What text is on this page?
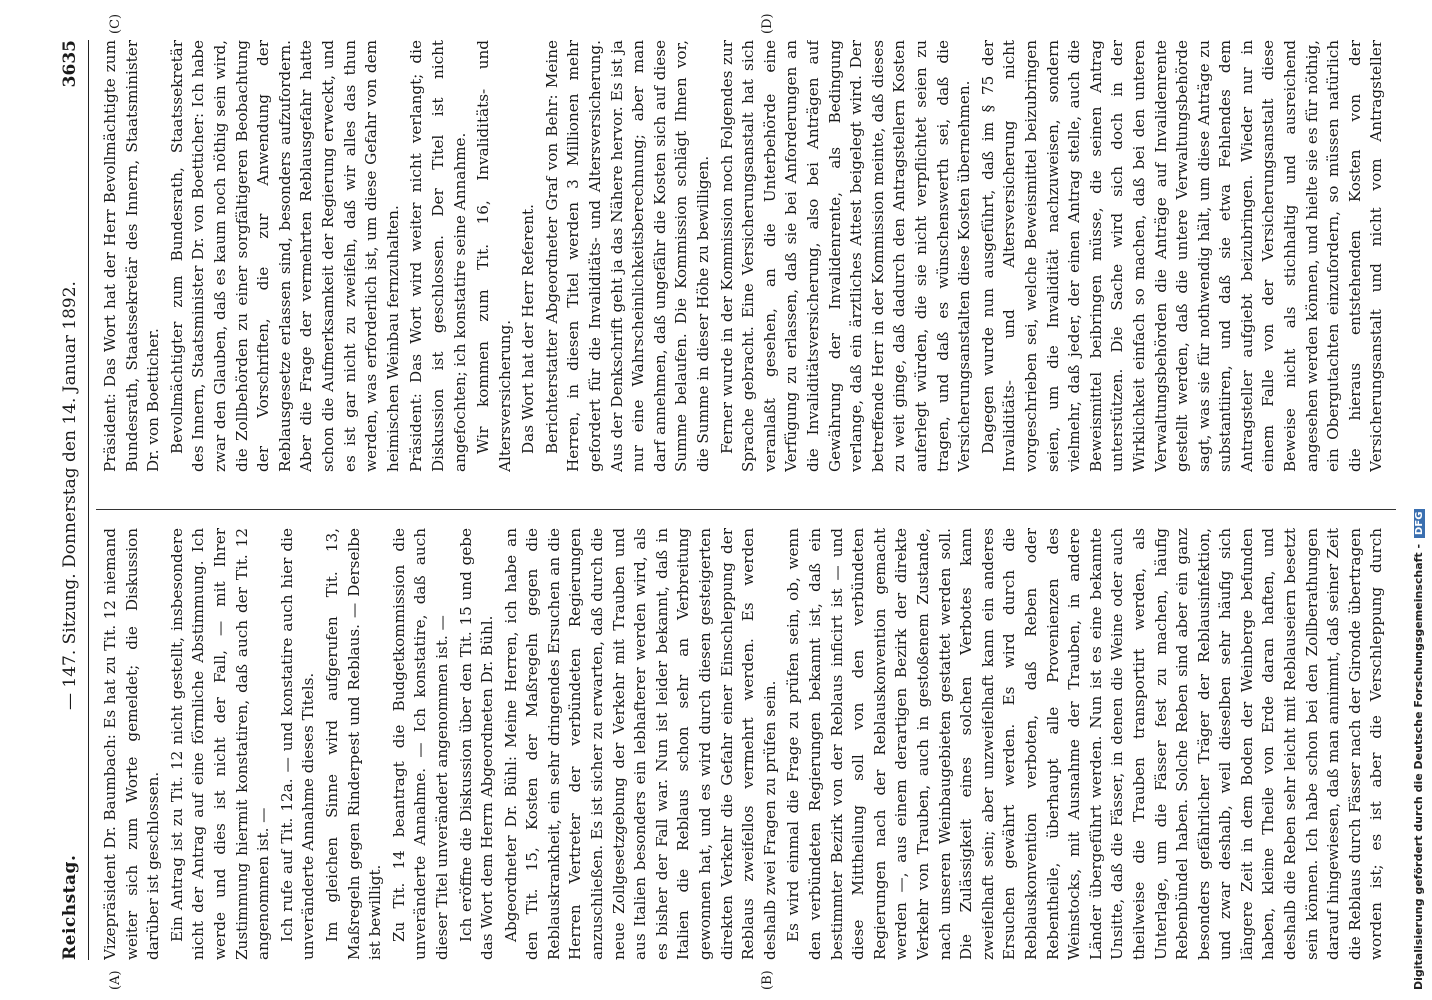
Reichstag.
— 147. Sitzung. Donnerstag den 14. Januar 1892.
3635

Vizepräsident Dr. Baumbach: Es hat zu Tit. 12 niemand weiter sich zum Worte gemeldet; die Diskussion darüber ist geschlossen. Ein Antrag ist zu Tit. 12 nicht gestellt, insbesondere nicht der Antrag auf eine förmliche Abstimmung. Ich werde und dies ist nicht der Fall, — mit Ihrer Zustimmung hiermit konstatiren, daß auch der Tit. 12 angenommen ist. — Ich rufe auf Tit. 12a. — und konstatire auch hier die unveränderte Annahme dieses Titels. Im gleichen Sinne wird aufgerufen Tit. 13, Maßregeln gegen Rinderpest und Reblaus. — Derselbe ist bewilligt. Zu Tit. 14 beantragt die Budgetkommission die unveränderte Annahme. — Ich konstatire, daß auch dieser Titel unverändert angenommen ist. — Ich eröffne die Diskussion über den Tit. 15 und gebe das Wort dem Herrn Abgeordneten Dr. Bühl. Abgeordneter Dr. Bühl: Meine Herren, ich habe an den Tit. 15, Kosten der Maßregeln gegen die Reblauskrankheit, ein sehr dringendes Ersuchen an die Herren Vertreter der verbündeten Regierungen anzuschließen. Es ist sicher zu erwarten, daß durch die neue Zollgesetzgebung der Verkehr mit Trauben und aus Italien besonders ein lebhafterer werden wird, als es bisher der Fall war. Nun ist leider bekannt, daß in Italien die Reblaus schon sehr an Verbreitung gewonnen hat, und es wird durch diesen gesteigerten direkten Verkehr die Gefahr einer Einschleppung der Reblaus zweifellos vermehrt werden. Es werden deshalb zwei Fragen zu prüfen sein. Es wird einmal die Frage zu prüfen sein, ob, wenn den verbündeten Regierungen bekannt ist, daß ein bestimmter Bezirk von der Reblaus inficirt ist — und diese Mittheilung soll von den verbündeten Regierungen nach der Reblauskonvention gemacht werden —, aus einem derartigen Bezirk der direkte Verkehr von Trauben, auch in gestoßenem Zustande, nach unseren Weinbaugebieten gestattet werden soll. Die Zulässigkeit eines solchen Verbotes kann zweifelhaft sein; aber unzweifelhaft kann ein anderes Ersuchen gewährt werden. Es wird durch die Reblauskonvention verboten, daß Reben oder Rebentheile, überhaupt alle Provenienzen des Weinstocks, mit Ausnahme der Trauben, in andere Länder übergeführt werden. Nun ist es eine bekannte Unsitte, daß die Fässer, in denen die Weine oder auch theilweise die Trauben transportirt werden, als Unterlage, um die Fässer fest zu machen, häufig Rebenbündel haben. Solche Reben sind aber ein ganz besonders gefährlicher Träger der Reblausinfektion, und zwar deshalb, weil dieselben sehr häufig sich längere Zeit in dem Boden der Weinberge befunden haben, kleine Theile von Erde daran haften, und deshalb die Reben sehr leicht mit Reblauseiern besetzt sein können. Ich habe schon bei den Zollberathungen darauf hingewiesen, daß man annimmt, daß seiner Zeit die Reblaus durch Fässer nach der Gironde übertragen worden ist; es ist aber die Verschleppung durch

Präsident: Das Wort hat der Herr Bevollmächtigte zum Bundesrath, Staatssekretär des Innern, Staatsminister Dr. von Boetticher. Bevollmächtigter zum Bundesrath, Staatssekretär des Innern, Staatsminister Dr. von Boetticher: Ich habe zwar den Glauben, daß es kaum noch nöthig sein wird, die Zollbehörden zu einer sorgfältigeren Beobachtung der Vorschriften, die zur Anwendung der Reblausgesetze erlassen sind, besonders aufzufordern. Aber die Frage der vermehrten Reblausgefahr hatte schon die Aufmerksamkeit der Regierung erweckt, und es ist gar nicht zu zweifeln, daß wir alles das thun werden, was erforderlich ist, um diese Gefahr von dem heimischen Weinbau fernzuhalten. Präsident: Das Wort wird weiter nicht verlangt; die Diskussion ist geschlossen. Der Titel ist nicht angefochten; ich konstatire seine Annahme. Wir kommen zum Tit. 16, Invaliditäts- und Altersversicherung. Das Wort hat der Herr Referent. Berichterstatter Abgeordneter Graf von Behr: Meine Herren, in diesen Titel werden 3 Millionen mehr gefordert für die Invaliditäts- und Altersversicherung. Aus der Denkschrift geht ja das Nähere hervor. Es ist ja nur eine Wahrscheinlichkeitsberechnung; aber man darf annehmen, daß ungefähr die Kosten sich auf diese Summe belaufen. Die Kommission schlägt Ihnen vor, die Summe in dieser Höhe zu bewilligen. Ferner wurde in der Kommission noch Folgendes zur Sprache gebracht. Eine Versicherungsanstalt hat sich veranlaßt gesehen, an die Unterbehörde eine Verfügung zu erlassen, daß sie bei Anforderungen an die Invaliditätsversicherung, also bei Anträgen auf Gewährung der Invalidenrente, als Bedingung verlange, daß ein ärztliches Attest beigelegt wird. Der betreffende Herr in der Kommission meinte, daß dieses zu weit ginge, daß dadurch den Antragstellern Kosten auferlegt würden, die sie nicht verpflichtet seien zu tragen, und daß es wünschenswerth sei, daß die Versicherungsanstalten diese Kosten übernehmen. Dagegen wurde nun ausgeführt, daß im § 75 der Invaliditäts- und Altersversicherung nicht vorgeschrieben sei, welche Beweismittel beizubringen seien, um die Invalidität nachzuweisen, sondern vielmehr, daß jeder, der einen Antrag stelle, auch die Beweismittel beibringen müsse, die seinen Antrag unterstützen. Die Sache wird sich doch in der Wirklichkeit einfach so machen, daß bei den unteren Verwaltungsbehörden die Anträge auf Invalidenrente gestellt werden, daß die untere Verwaltungsbehörde sagt, was sie für nothwendig hält, um diese Anträge zu substantiiren, und daß sie etwa Fehlendes dem Antragsteller aufgiebt beizubringen. Wieder nur in einem Falle von der Versicherungsanstalt diese Beweise nicht als stichhaltig und ausreichend angesehen werden können, und hielte sie es für nöthig, ein Obergutachten einzufordern, so müssen natürlich die hieraus entstehenden Kosten von der Versicherungsanstalt und nicht vom Antragsteller

(A)	(B)
(C)	(D)
Digitalisierung gefördert durch die Deutsche Forschungsgemeinschaft -DFG
